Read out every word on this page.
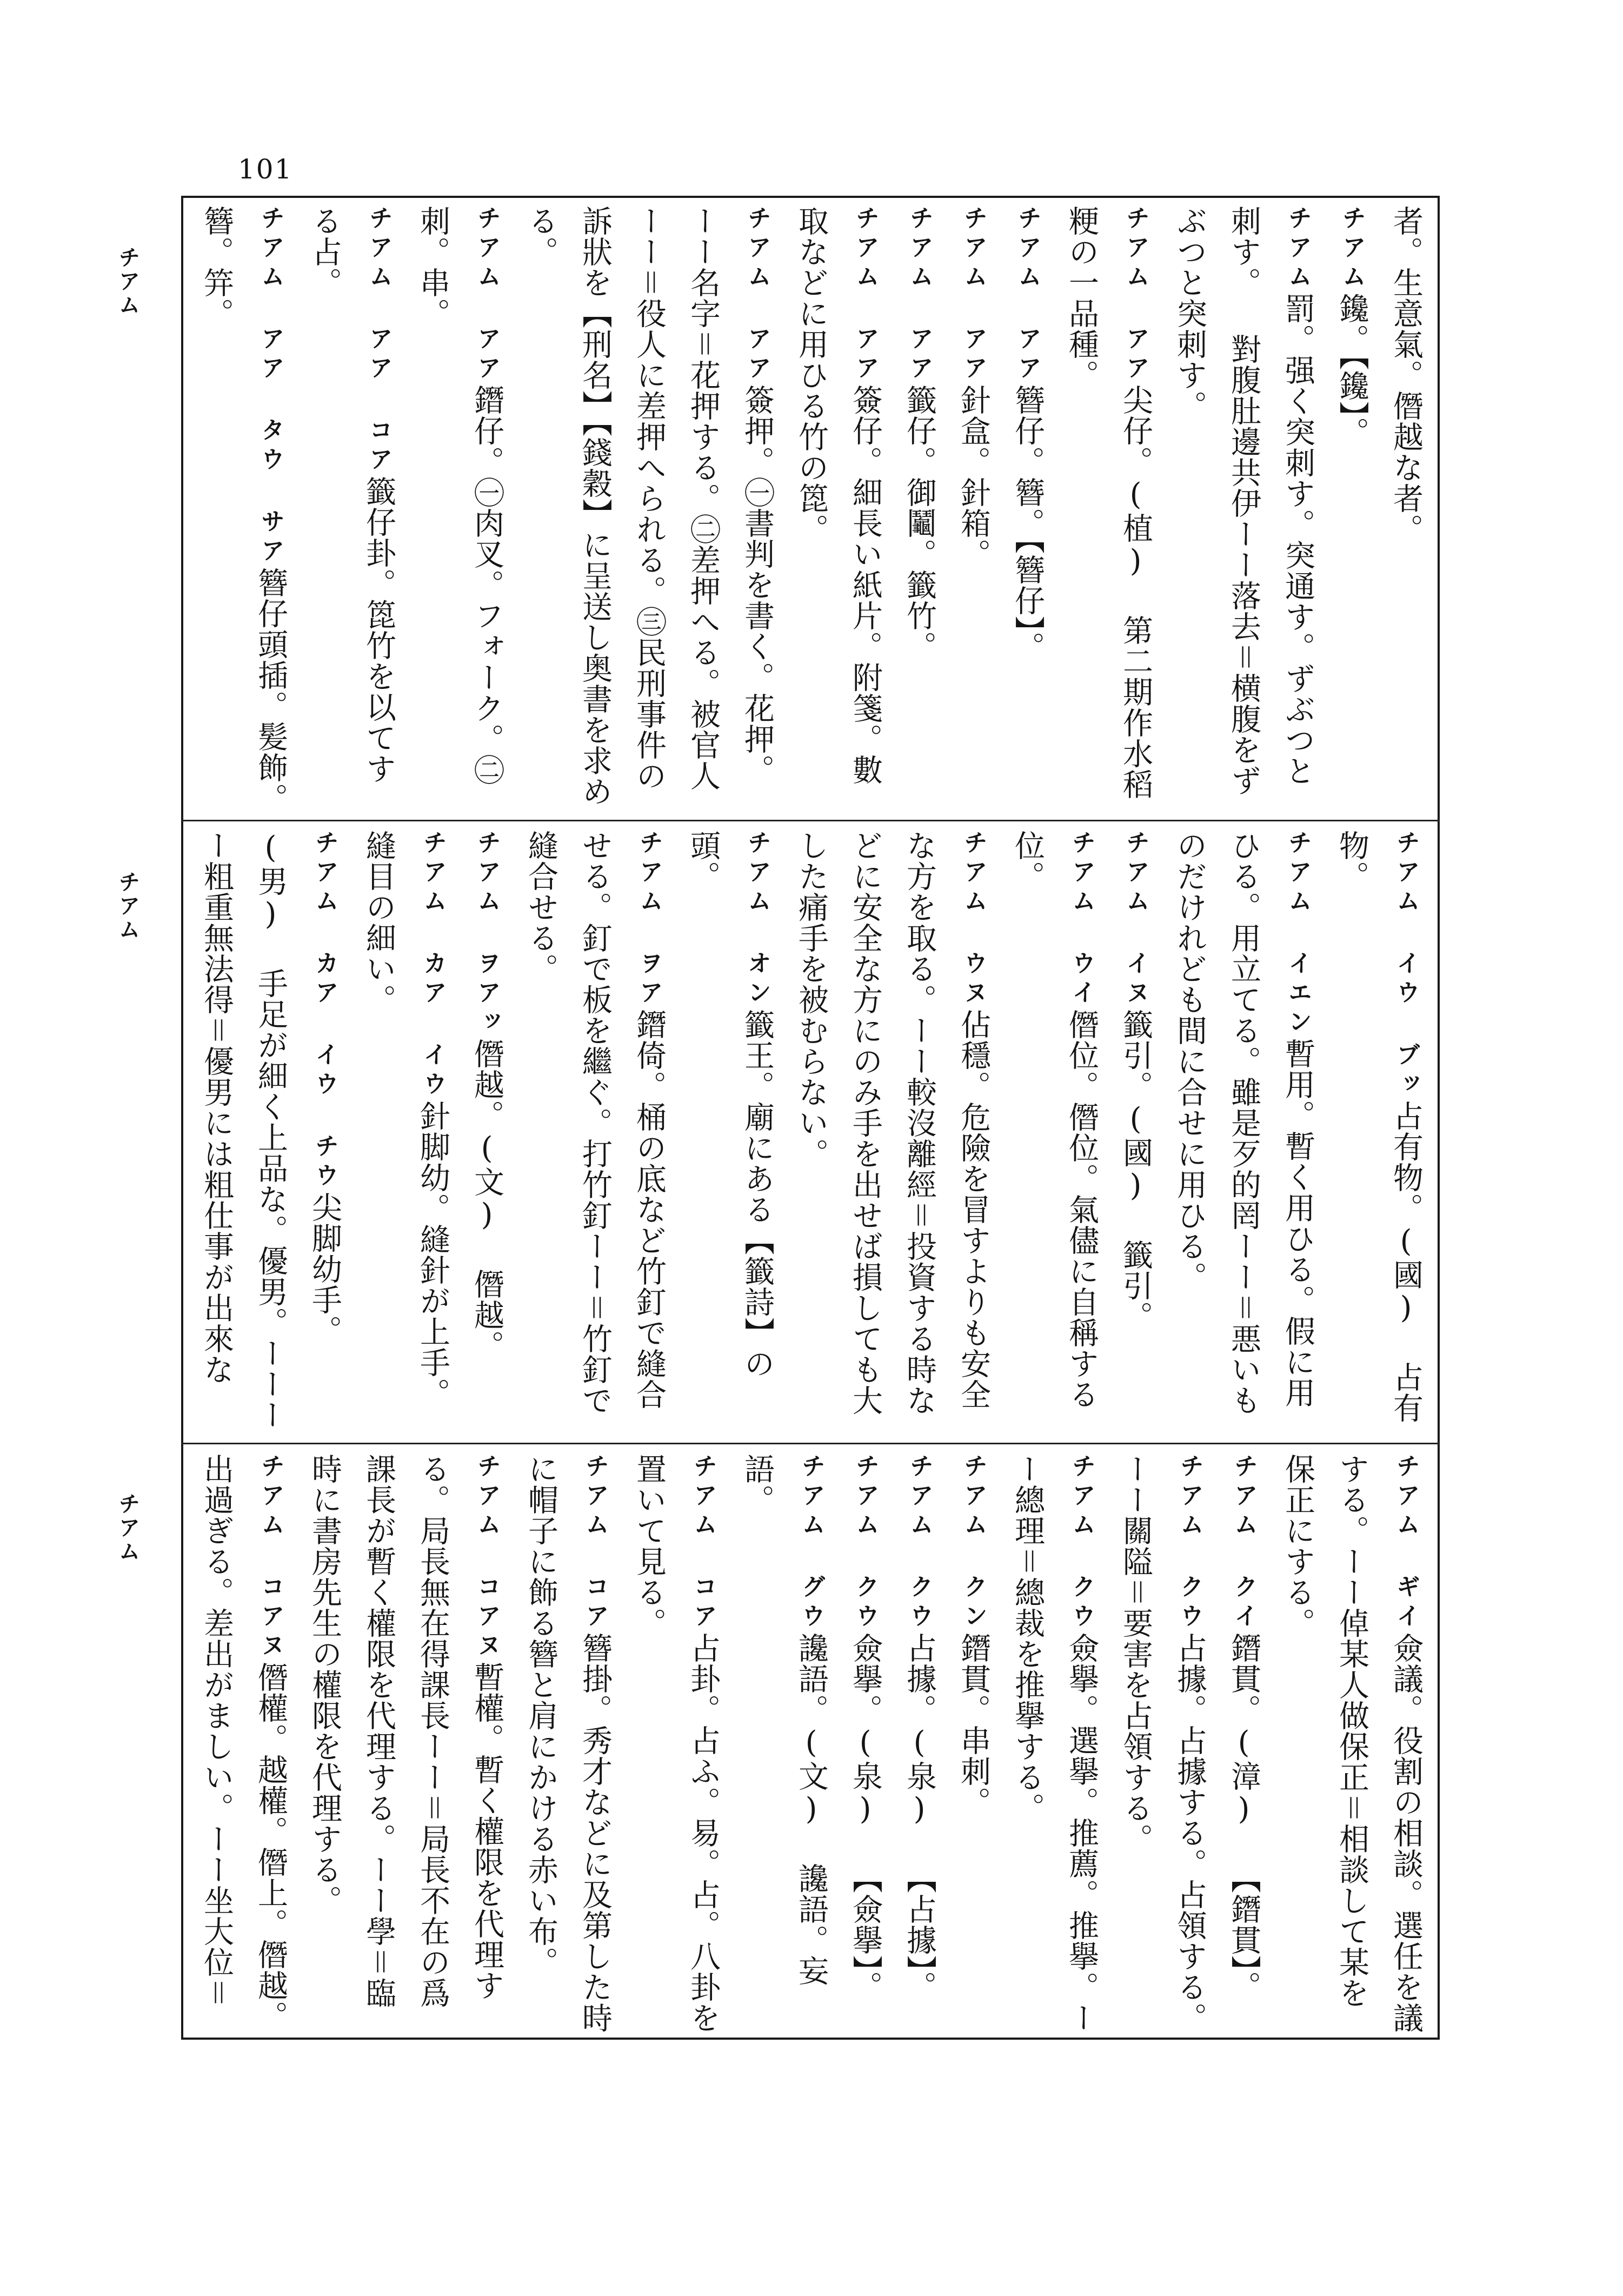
101
チアム
チアム
チアム
者。生意氣。僭越な者。
チアム鑱。【鑱】。
チアム罰。强く突刺す。突通す。ずぶつと刺す。 對腹肚邊共伊ーー落去＝横腹をずぶつと突刺す。
チアム アア尖仔。(植) 第二期作水稻粳の一品種。
チアム アア簪仔。簪。【簪仔】。
チアム アア針盒。針箱。
チアム アア籤仔。御鬮。籤竹。
チアム アア簽仔。細長い紙片。附箋。數取などに用ひる竹の箆。
チアム アア簽押。㊀書判を書く。花押。ーー名字＝花押する。㊁差押へる。被官人ーー＝役人に差押へられる。㊂民刑事件の訴狀を【刑名】【錢穀】に呈送し奥書を求める。
チアム アア鐕仔。㊀肉叉。フォーク。㊁刺。串。
チアム アア コア籤仔卦。箆竹を以てする占。
チアム アア タウ サア簪仔頭插。髪飾。簪。笄。
チアム イウ ブッ占有物。(國) 占有物。
チアム イエン暫用。暫く用ひる。假に用ひる。用立てる。雖是歹的罔ーー＝悪いものだけれども間に合せに用ひる。
チアム イヌ籤引。(國) 籤引。
チアム ウイ僭位。僭位。氣儘に自稱する位。
チアム ウヌ佔穩。危險を冒すよりも安全な方を取る。ーー較沒離經＝投資する時などに安全な方にのみ手を出せば損しても大した痛手を被むらない。
チアム オン籤王。廟にある【籤詩】の頭。
チアム ヲア鐕倚。桶の底など竹釘で縫合せる。釘で板を繼ぐ。打竹釘ーー＝竹釘で縫合せる。
チアム ヲアッ僭越。(文) 僭越。
チアム カア イウ針脚幼。縫針が上手。縫目の細い。
チアム カア イウ チウ尖脚幼手。(男) 手足が細く上品な。優男。ーーーー粗重無法得＝優男には粗仕事が出來な
チアム ギイ僉議。役割の相談。選任を議する。ーー倬某人做保正＝相談して某を保正にする。
チアム クイ鐕貫。(漳) 【鐕貫】。
チアム クウ占據。占據する。占領する。ーー關隘＝要害を占領する。
チアム クウ僉擧。選擧。推薦。推擧。ーー總理＝總裁を推擧する。
チアム クン鐕貫。串刺。
チアム クウ占據。(泉) 【占據】。
チアム クウ僉擧。(泉) 【僉擧】。
チアム グウ讒語。(文) 讒語。妄語。
チアム コア占卦。占ふ。易。占。八卦を置いて見る。
チアム コア簪掛。秀才などに及第した時に帽子に飾る簪と肩にかける赤い布。
チアム コアヌ暫權。暫く權限を代理する。局長無在得課長ーー＝局長不在の爲課長が暫く權限を代理する。ーー學＝臨時に書房先生の權限を代理する。
チアム コアヌ僭權。越權。僭上。僭越。出過ぎる。差出がましい。ーー坐大位＝
